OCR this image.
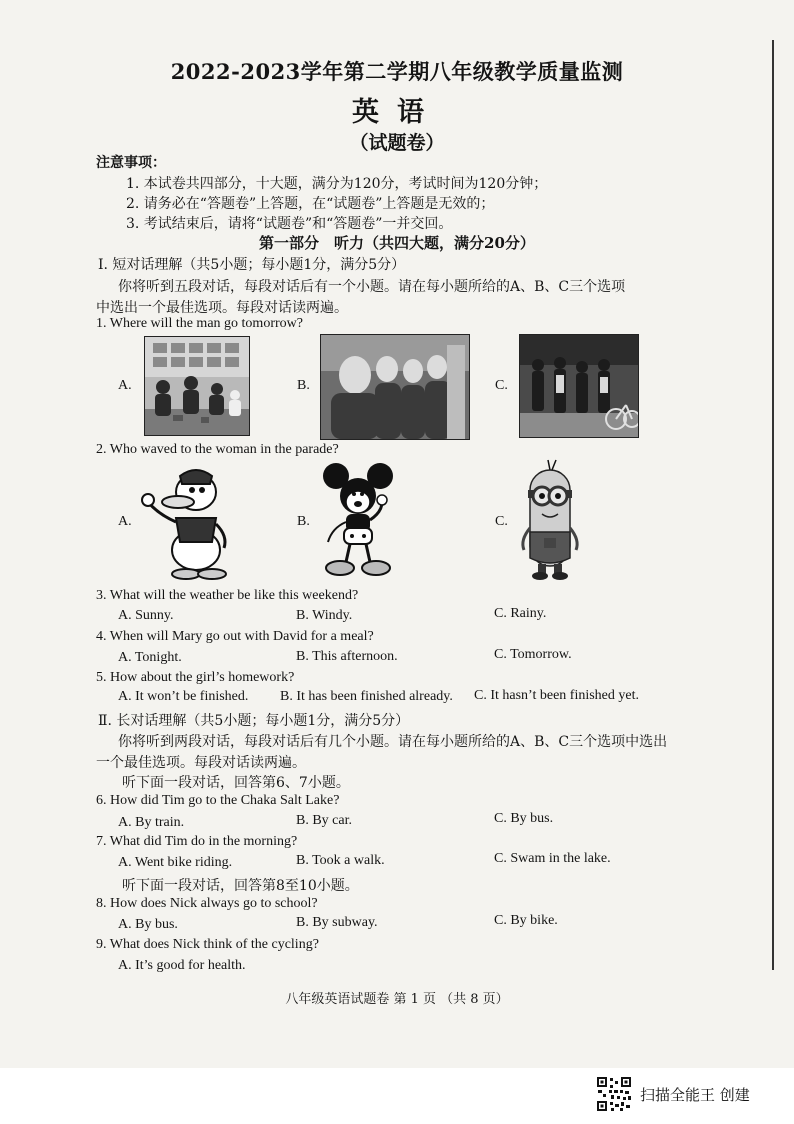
2022-2023学年第二学期八年级教学质量监测
英语
（试题卷）
注意事项：
1. 本试卷共四部分，十大题，满分为120分，考试时间为120分钟；
2. 请务必在“答题卷”上答题，在“试题卷”上答题是无效的；
3. 考试结束后，请将“试题卷”和“答题卷”一并交回。
第一部分　听力（共四大题，满分20分）
Ⅰ. 短对话理解（共5小题；每小题1分，满分5分）
你将听到五段对话，每段对话后有一个小题。请在每小题所给的A、B、C三个选项
中选出一个最佳选项。每段对话读两遍。
1. Where will the man go tomorrow?
A.	B.	C.
2. Who waved to the woman in the parade?
A.	B.	C.
3. What will the weather be like this weekend?
A. Sunny.	B. Windy.	C. Rainy.
4. When will Mary go out with David for a meal?
A. Tonight.	B. This afternoon.	C. Tomorrow.
5. How about the girl’s homework?
A. It won’t be finished. B. It has been finished already. C. It hasn’t been finished yet.
Ⅱ. 长对话理解（共5小题；每小题1分，满分5分）
你将听到两段对话，每段对话后有几个小题。请在每小题所给的A、B、C三个选项中选出
一个最佳选项。每段对话读两遍。
听下面一段对话，回答第6、7小题。
6. How did Tim go to the Chaka Salt Lake?
A. By train.	B. By car.	C. By bus.
7. What did Tim do in the morning?
A. Went bike riding.	B. Took a walk.	C. Swam in the lake.
听下面一段对话，回答第8至10小题。
8. How does Nick always go to school?
A. By bus.	B. By subway.	C. By bike.
9. What does Nick think of the cycling?
A. It’s good for health.
八年级英语试题卷 第 1 页 （共 8 页）
扫描全能王 创建
